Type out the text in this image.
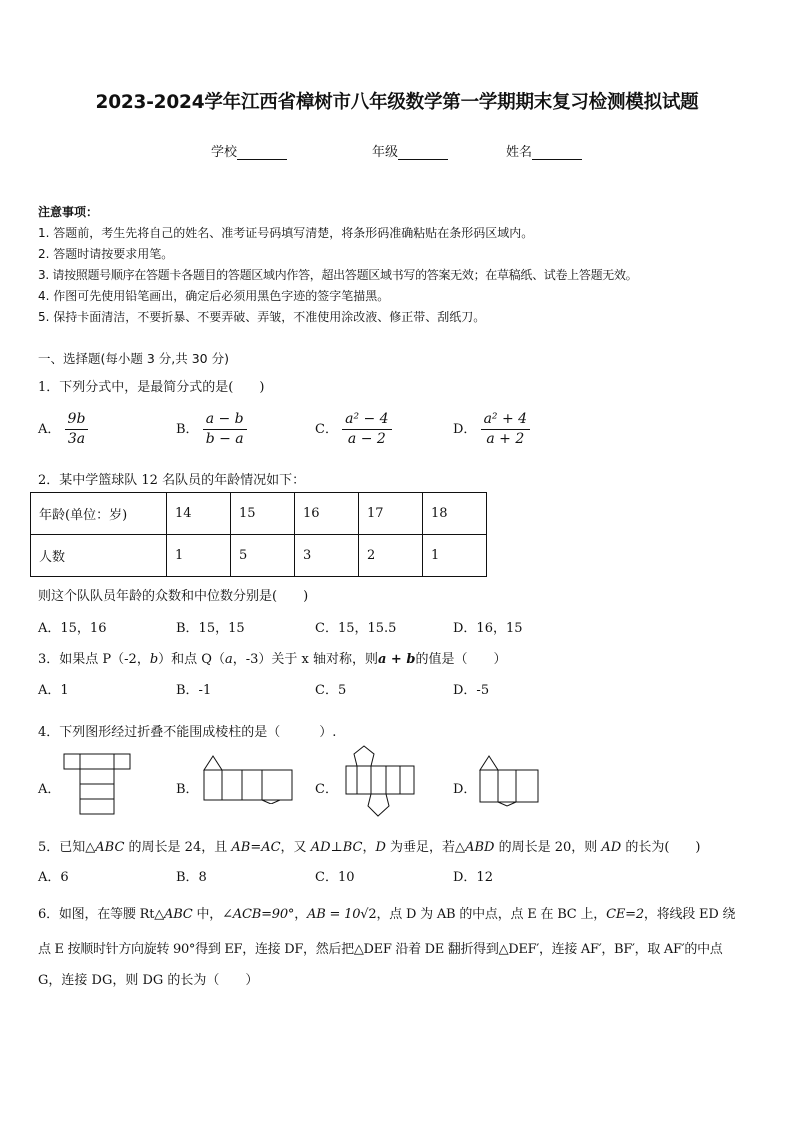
2023-2024学年江西省樟树市八年级数学第一学期期末复习检测模拟试题
学校	年级	姓名
注意事项：
1. 答题前，考生先将自己的姓名、准考证号码填写清楚，将条形码准确粘贴在条形码区域内。
2. 答题时请按要求用笔。
3. 请按照题号顺序在答题卡各题目的答题区域内作答，超出答题区域书写的答案无效；在草稿纸、试卷上答题无效。
4. 作图可先使用铅笔画出，确定后必须用黑色字迹的签字笔描黑。
5. 保持卡面清洁，不要折暴、不要弄破、弄皱，不准使用涂改液、修正带、刮纸刀。
一、选择题(每小题 3 分,共 30 分)
1．下列分式中，是最简分式的是(　　)
A． $\frac{9b}{3a}$	B． $\frac{a - b}{b - a}$	C． $\frac{\text{a² − 4}}{a - 2}$	D． $\frac{\text{a² + 4}}{a + 2}$
2．某中学篮球队 12 名队员的年龄情况如下：
年龄(单位：岁)	14	15	16	17	18
人数	1	5	3	2	1
则这个队队员年龄的众数和中位数分别是(　　)
A．15，16	B．15，15	C．15，15.5	D．16，15
3．如果点 P（-2，b）和点 Q（a，-3）关于 x 轴对称，则a + b的值是（　　）
A．1	B．-1	C．5	D．-5
4．下列图形经过折叠不能围成棱柱的是（　　　）.
A．	B．	C．	D．
5．已知△ABC 的周长是 24，且 AB=AC，又 AD⊥BC，D 为垂足，若△ABD 的周长是 20，则 AD 的长为(　　)
A．6	B．8	C．10	D．12
6．如图，在等腰 Rt△ABC 中，∠ACB=90°，AB = 10√2，点 D 为 AB 的中点，点 E 在 BC 上，CE=2，将线段 ED 绕
点 E 按顺时针方向旋转 90°得到 EF，连接 DF，然后把△DEF 沿着 DE 翻折得到△DEF′，连接 AF′，BF′，取 AF′的中点
G，连接 DG，则 DG 的长为（　　）
